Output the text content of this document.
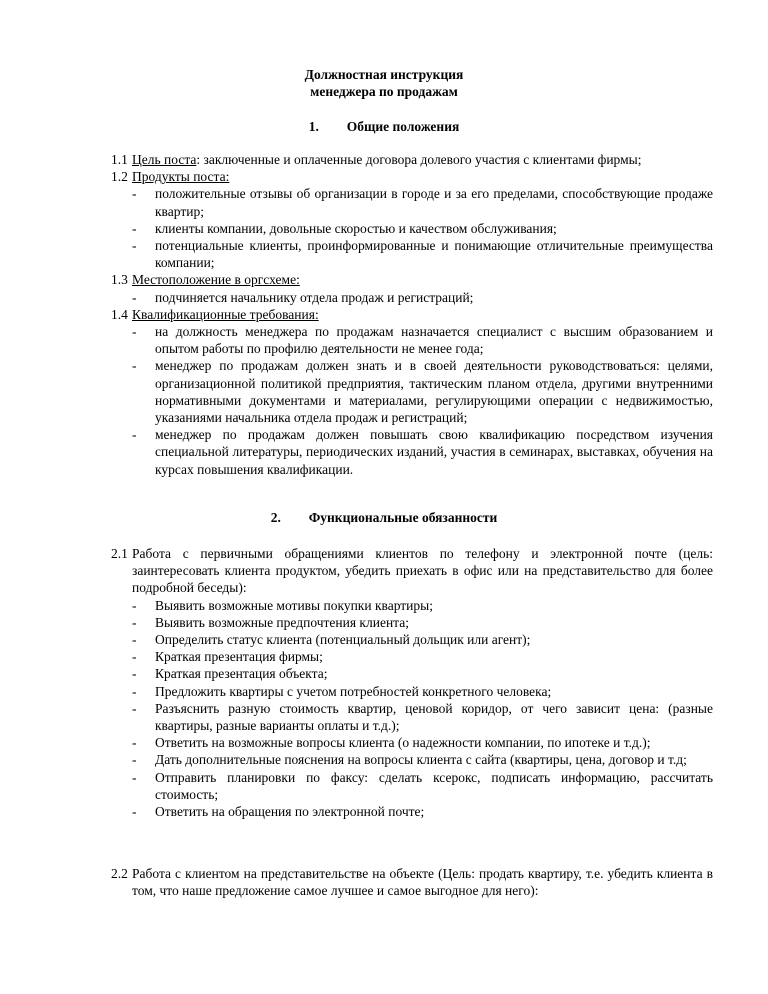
Должностная инструкция
менеджера по продажам
1. Общие положения
1.1 Цель поста: заключенные и оплаченные договора долевого участия с клиентами фирмы;
1.2 Продукты поста:
- положительные отзывы об организации в городе и за его пределами, способствующие продаже квартир;
- клиенты компании, довольные скоростью и качеством обслуживания;
- потенциальные клиенты, проинформированные и понимающие отличительные преимущества компании;
1.3 Местоположение в оргсхеме:
- подчиняется начальнику отдела продаж и регистраций;
1.4 Квалификационные требования:
- на должность менеджера по продажам назначается специалист с высшим образованием и опытом работы по профилю деятельности не менее года;
- менеджер по продажам должен знать и в своей деятельности руководствоваться: целями, организационной политикой предприятия, тактическим планом отдела, другими внутренними нормативными документами и материалами, регулирующими операции с недвижимостью, указаниями начальника отдела продаж и регистраций;
- менеджер по продажам должен повышать свою квалификацию посредством изучения специальной литературы, периодических изданий, участия в семинарах, выставках, обучения на курсах повышения квалификации.
2. Функциональные обязанности
2.1 Работа с первичными обращениями клиентов по телефону и электронной почте (цель: заинтересовать клиента продуктом, убедить приехать в офис или на представительство для более подробной беседы):
- Выявить возможные мотивы покупки квартиры;
- Выявить возможные предпочтения клиента;
- Определить статус клиента (потенциальный дольщик или агент);
- Краткая презентация фирмы;
- Краткая презентация объекта;
- Предложить квартиры с учетом потребностей конкретного человека;
- Разъяснить разную стоимость квартир, ценовой коридор, от чего зависит цена: (разные квартиры, разные варианты оплаты и т.д.);
- Ответить на возможные вопросы клиента (о надежности компании, по ипотеке и т.д.);
- Дать дополнительные пояснения на вопросы клиента с сайта (квартиры, цена, договор и т.д;
- Отправить планировки по факсу: сделать ксерокс, подписать информацию, рассчитать стоимость;
- Ответить на обращения по электронной почте;
2.2 Работа с клиентом на представительстве на объекте (Цель: продать квартиру, т.е. убедить клиента в том, что наше предложение самое лучшее и самое выгодное для него):
